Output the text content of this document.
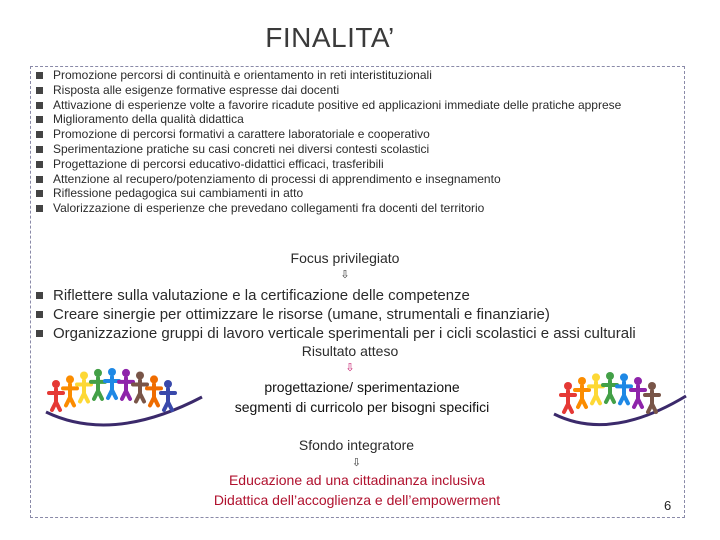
FINALITA’
Promozione percorsi di continuità e orientamento in reti interistituzionali
Risposta alle esigenze formative espresse dai docenti
Attivazione di esperienze volte a favorire ricadute positive ed applicazioni immediate delle pratiche apprese
Miglioramento della qualità didattica
Promozione di percorsi formativi a carattere laboratoriale e cooperativo
Sperimentazione pratiche su casi concreti nei diversi contesti scolastici
Progettazione di percorsi educativo-didattici efficaci, trasferibili
Attenzione al recupero/potenziamento di processi di apprendimento e insegnamento
Riflessione pedagogica sui cambiamenti in atto
Valorizzazione di esperienze che prevedano collegamenti fra docenti del territorio
Focus privilegiato
⇩
Riflettere sulla valutazione e la certificazione delle competenze
Creare sinergie per ottimizzare le risorse (umane, strumentali e finanziarie)
Organizzazione gruppi di lavoro verticale sperimentali per i cicli scolastici e assi culturali
Risultato atteso
⇩
progettazione/ sperimentazione
segmenti di curricolo per bisogni specifici
Sfondo integratore
⇩
Educazione ad una cittadinanza inclusiva
Didattica dell’accoglienza e dell’empowerment	6
